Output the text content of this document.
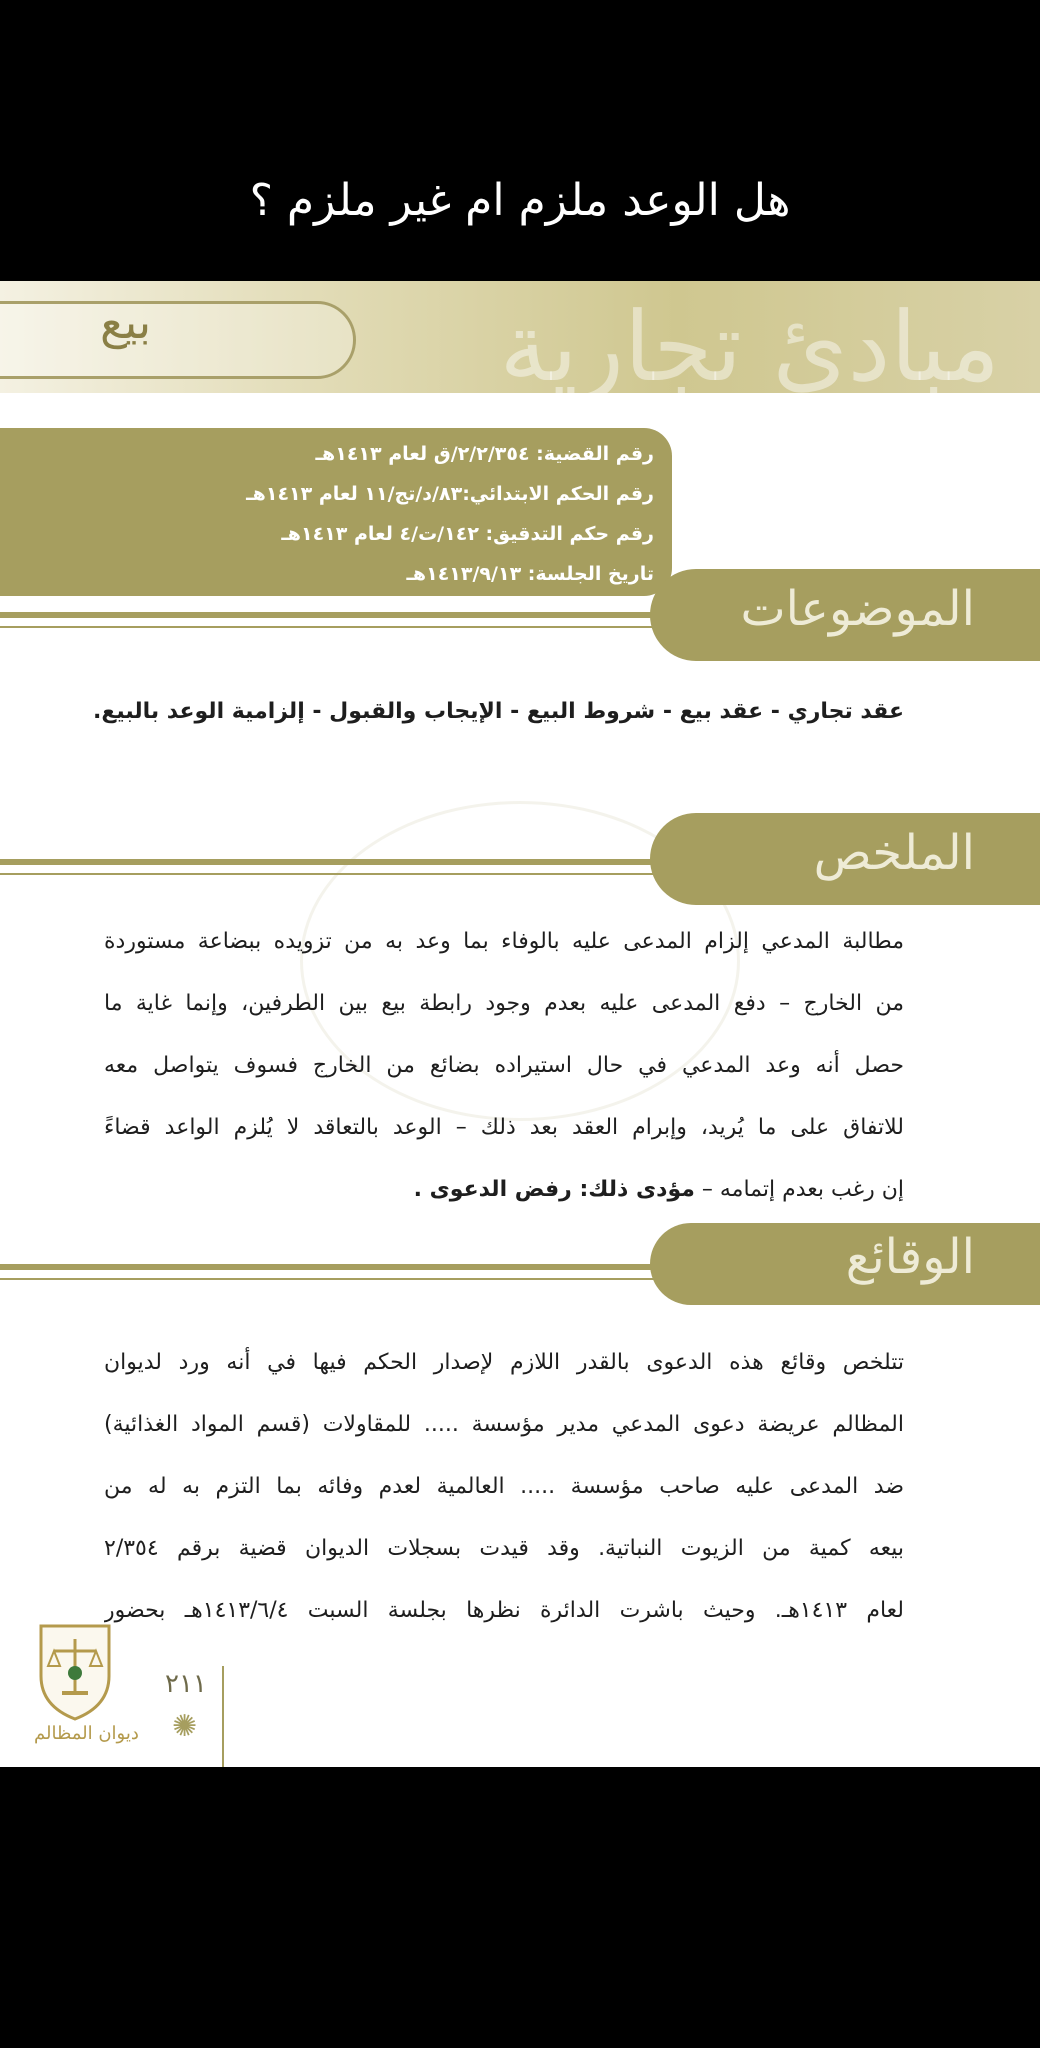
هل الوعد ملزم ام غير ملزم ؟
مبادئ تجارية
بيع
رقم القضية: ٢/٢/٣٥٤/ق لعام ١٤١٣هـ
رقم الحكم الابتدائي:٨٣/د/تج/١١ لعام ١٤١٣هـ
رقم حكم التدقيق: ١٤٢/ت/٤ لعام ١٤١٣هـ
تاريخ الجلسة: ١٤١٣/٩/١٣هـ
الموضوعات
عقد تجاري - عقد بيع - شروط البيع - الإيجاب والقبول - إلزامية الوعد بالبيع.
الملخص
مطالبة المدعي إلزام المدعى عليه بالوفاء بما وعد به من تزويده ببضاعة مستوردة
من الخارج – دفع المدعى عليه بعدم وجود رابطة بيع بين الطرفين، وإنما غاية ما
حصل أنه وعد المدعي في حال استيراده بضائع من الخارج فسوف يتواصل معه
للاتفاق على ما يُريد، وإبرام العقد بعد ذلك – الوعد بالتعاقد لا يُلزم الواعد قضاءً
إن رغب بعدم إتمامه – مؤدى ذلك: رفض الدعوى .
الوقائع
تتلخص وقائع هذه الدعوى بالقدر اللازم لإصدار الحكم فيها في أنه ورد لديوان
المظالم عريضة دعوى المدعي مدير مؤسسة ..... للمقاولات (قسم المواد الغذائية)
ضد المدعى عليه صاحب مؤسسة ..... العالمية لعدم وفائه بما التزم به له من
بيعه كمية من الزيوت النباتية. وقد قيدت بسجلات الديوان قضية برقم ٢/٣٥٤
لعام ١٤١٣هـ. وحيث باشرت الدائرة نظرها بجلسة السبت ١٤١٣/٦/٤هـ بحضور
ديوان المظالم
٢١١
✺
